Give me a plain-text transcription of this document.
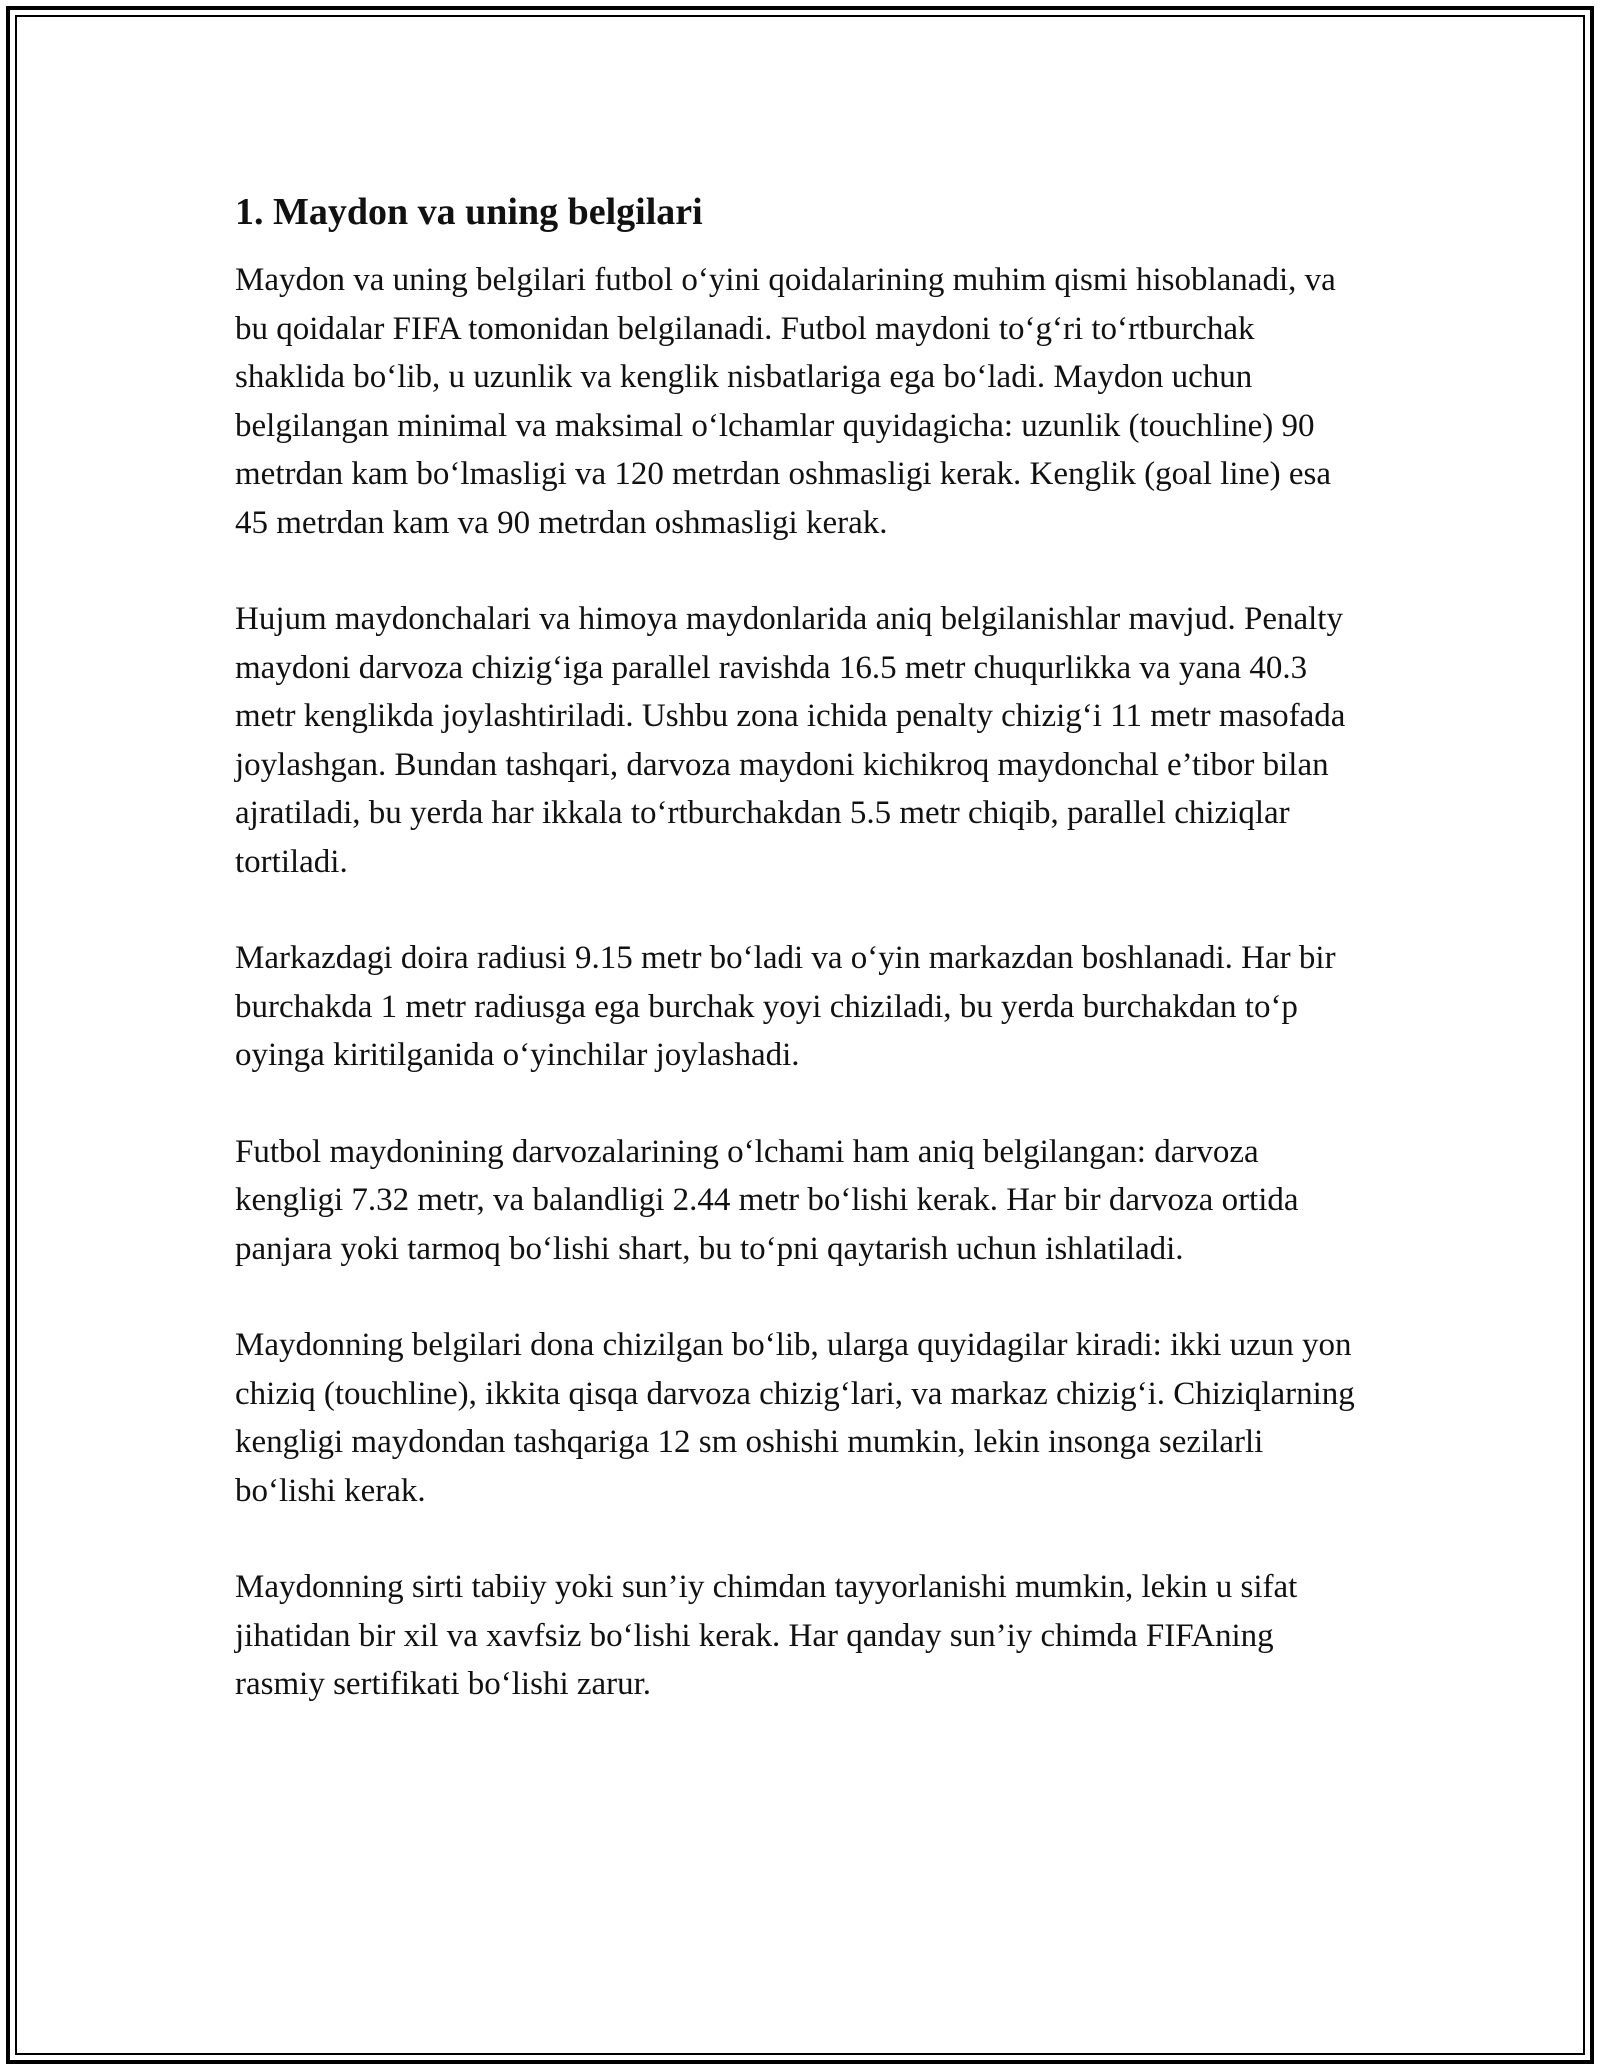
1. Maydon va uning belgilari

Maydon va uning belgilari futbol o‘yini qoidalarining muhim qismi hisoblanadi, va bu qoidalar FIFA tomonidan belgilanadi. Futbol maydoni to‘g‘ri to‘rtburchak shaklida bo‘lib, u uzunlik va kenglik nisbatlariga ega bo‘ladi. Maydon uchun belgilangan minimal va maksimal o‘lchamlar quyidagicha: uzunlik (touchline) 90 metrdan kam bo‘lmasligi va 120 metrdan oshmasligi kerak. Kenglik (goal line) esa 45 metrdan kam va 90 metrdan oshmasligi kerak.

Hujum maydonchalari va himoya maydonlarida aniq belgilanishlar mavjud. Penalty maydoni darvoza chizig‘iga parallel ravishda 16.5 metr chuqurlikka va yana 40.3 metr kenglikda joylashtiriladi. Ushbu zona ichida penalty chizig‘i 11 metr masofada joylashgan. Bundan tashqari, darvoza maydoni kichikroq maydonchal e’tibor bilan ajratiladi, bu yerda har ikkala to‘rtburchakdan 5.5 metr chiqib, parallel chiziqlar tortiladi.

Markazdagi doira radiusi 9.15 metr bo‘ladi va o‘yin markazdan boshlanadi. Har bir burchakda 1 metr radiusga ega burchak yoyi chiziladi, bu yerda burchakdan to‘p oyinga kiritilganida o‘yinchilar joylashadi.

Futbol maydonining darvozalarining o‘lchami ham aniq belgilangan: darvoza kengligi 7.32 metr, va balandligi 2.44 metr bo‘lishi kerak. Har bir darvoza ortida panjara yoki tarmoq bo‘lishi shart, bu to‘pni qaytarish uchun ishlatiladi.

Maydonning belgilari dona chizilgan bo‘lib, ularga quyidagilar kiradi: ikki uzun yon chiziq (touchline), ikkita qisqa darvoza chizig‘lari, va markaz chizig‘i. Chiziqlarning kengligi maydondan tashqariga 12 sm oshishi mumkin, lekin insonga sezilarli bo‘lishi kerak.

Maydonning sirti tabiiy yoki sun’iy chimdan tayyorlanishi mumkin, lekin u sifat jihatidan bir xil va xavfsiz bo‘lishi kerak. Har qanday sun’iy chimda FIFAning rasmiy sertifikati bo‘lishi zarur.
